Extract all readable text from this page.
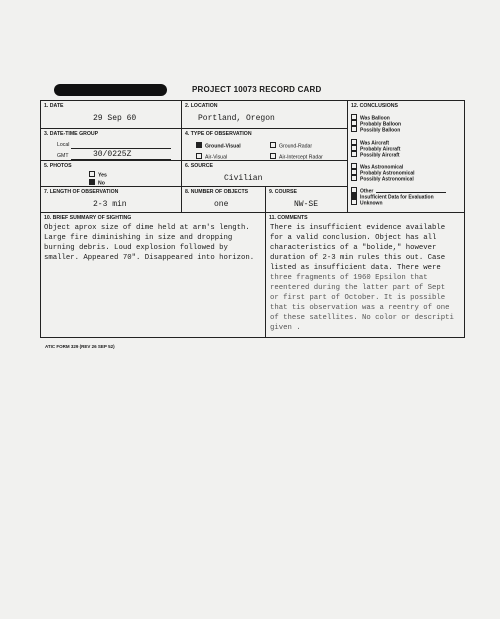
PROJECT 10073 RECORD CARD
1. DATE
29 Sep 60
2. LOCATION
Portland, Oregon
3. DATE-TIME GROUP
Local
GMT	30/0225Z
4. TYPE OF OBSERVATION
Ground-Visual	Ground-Radar
Air-Visual	Air-Intercept Radar
5. PHOTOS
Yes
No
6. SOURCE
Civilian
7. LENGTH OF OBSERVATION
2-3 min
8. NUMBER OF OBJECTS
one
9. COURSE
NW-SE
12. CONCLUSIONS
Was Balloon
Probably Balloon
Possibly Balloon
Was Aircraft
Probably Aircraft
Possibly Aircraft
Was Astronomical
Probably Astronomical
Possibly Astronomical
Other
Insufficient Data for Evaluation
Unknown
10. BRIEF SUMMARY OF SIGHTING
Object aprox size of dime held at arm's length.
Large fire diminishing in size and dropping
burning debris. Loud explosion followed by
smaller. Appeared 70". Disappeared into horizon.
11. COMMENTS
There is insufficient evidence available
for a valid conclusion. Object has all
characteristics of a "bolide," however
duration of 2-3 min rules this out. Case
listed as insufficient data. There were
three fragments of 1960 Epsilon that
reentered during the latter part of Sept
or first part of October. It is possible
that tis observation was a reentry of one
of these satellites. No color or descripti
given .
ATIC FORM 329 (REV 26 SEP 52)
